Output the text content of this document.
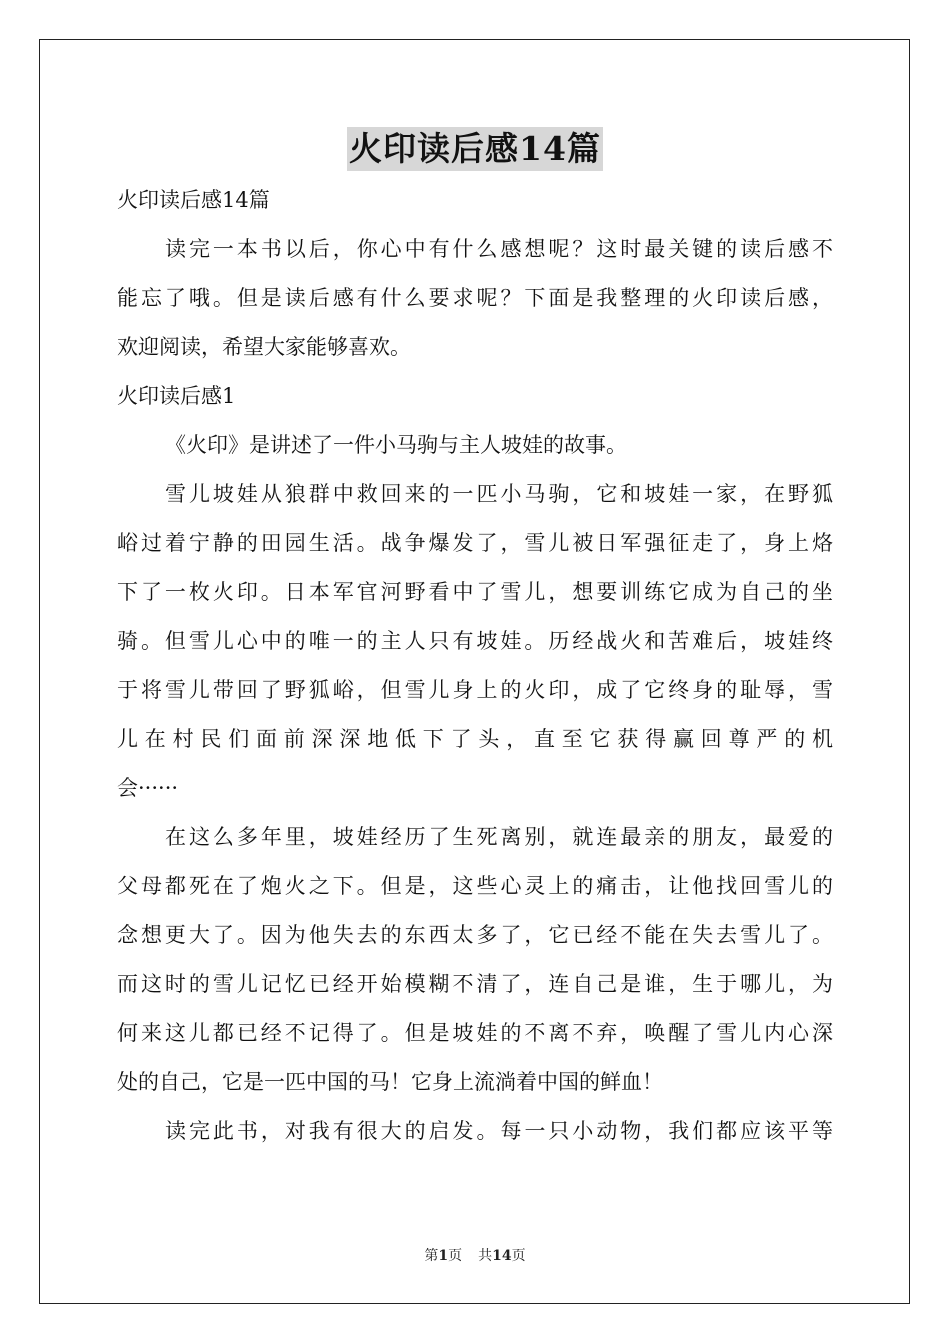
火印读后感14篇
火印读后感14篇
读完一本书以后，你心中有什么感想呢？这时最关键的读后感不
能忘了哦。但是读后感有什么要求呢？下面是我整理的火印读后感，
欢迎阅读，希望大家能够喜欢。
火印读后感1
《火印》是讲述了一件小马驹与主人坡娃的故事。
雪儿坡娃从狼群中救回来的一匹小马驹，它和坡娃一家，在野狐
峪过着宁静的田园生活。战争爆发了，雪儿被日军强征走了，身上烙
下了一枚火印。日本军官河野看中了雪儿，想要训练它成为自己的坐
骑。但雪儿心中的唯一的主人只有坡娃。历经战火和苦难后，坡娃终
于将雪儿带回了野狐峪，但雪儿身上的火印，成了它终身的耻辱，雪
儿在村民们面前深深地低下了头，直至它获得赢回尊严的机
会······
在这么多年里，坡娃经历了生死离别，就连最亲的朋友，最爱的
父母都死在了炮火之下。但是，这些心灵上的痛击，让他找回雪儿的
念想更大了。因为他失去的东西太多了，它已经不能在失去雪儿了。
而这时的雪儿记忆已经开始模糊不清了，连自己是谁，生于哪儿，为
何来这儿都已经不记得了。但是坡娃的不离不弃，唤醒了雪儿内心深
处的自己，它是一匹中国的马！它身上流淌着中国的鲜血！
读完此书，对我有很大的启发。每一只小动物，我们都应该平等
第1页 共14页
